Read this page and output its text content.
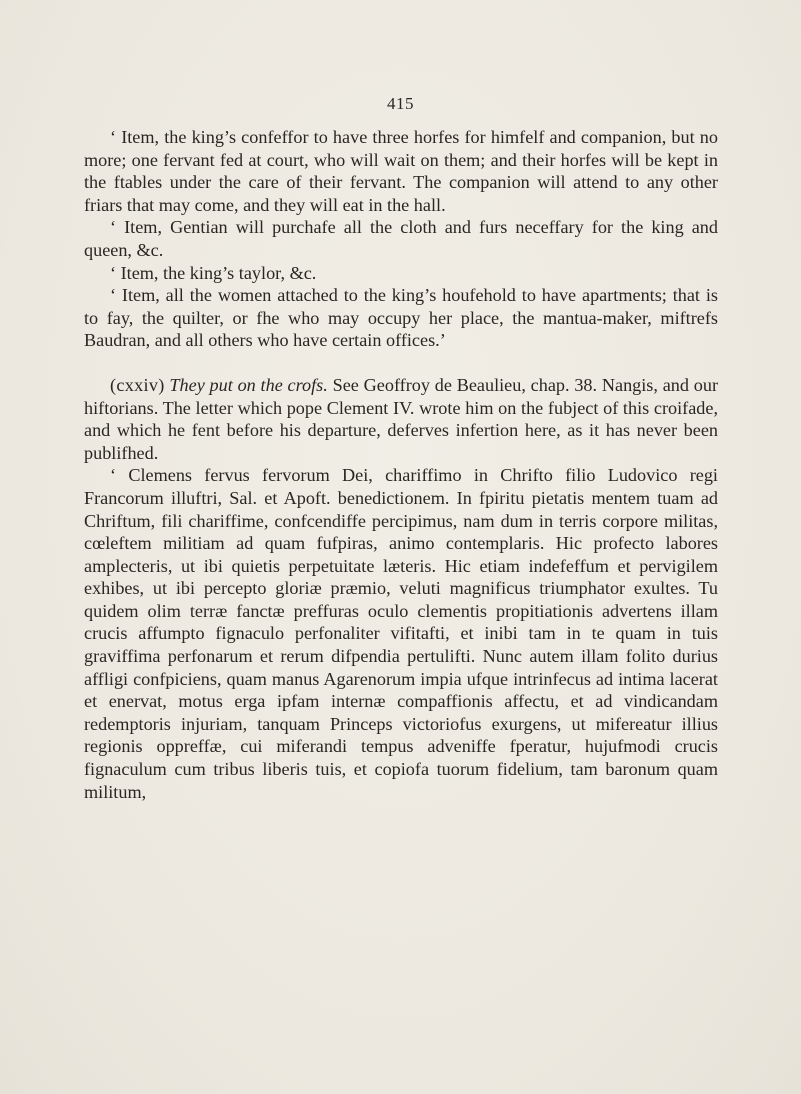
415

‘ Item, the king’s confeffor to have three horfes for himfelf and companion, but no more; one fervant fed at court, who will wait on them; and their horfes will be kept in the ftables under the care of their fervant. The companion will attend to any other friars that may come, and they will eat in the hall.

‘ Item, Gentian will purchafe all the cloth and furs neceffary for the king and queen, &c.

‘ Item, the king’s taylor, &c.

‘ Item, all the women attached to the king’s houfehold to have apartments; that is to fay, the quilter, or fhe who may occupy her place, the mantua-maker, miftrefs Baudran, and all others who have certain offices.’

(cxxiv) They put on the crofs. See Geoffroy de Beaulieu, chap. 38. Nangis, and our hiftorians. The letter which pope Clement IV. wrote him on the fubject of this croifade, and which he fent before his departure, deferves infertion here, as it has never been publifhed.

‘ Clemens fervus fervorum Dei, chariffimo in Chrifto filio Ludovico regi Francorum illuftri, Sal. et Apoft. benedictionem. In fpiritu pietatis mentem tuam ad Chriftum, fili chariffime, confcendiffe percipimus, nam dum in terris corpore militas, cœleftem militiam ad quam fufpiras, animo contemplaris. Hic profecto labores amplecteris, ut ibi quietis perpetuitate læteris. Hic etiam indefeffum et pervigilem exhibes, ut ibi percepto gloriæ præmio, veluti magnificus triumphator exultes. Tu quidem olim terræ fanctæ preffuras oculo clementis propitiationis advertens illam crucis affumpto fignaculo perfonaliter vifitafti, et inibi tam in te quam in tuis graviffima perfonarum et rerum difpendia pertulifti. Nunc autem illam folito durius affligi confpiciens, quam manus Agarenorum impia ufque intrinfecus ad intima lacerat et enervat, motus erga ipfam internæ compaffionis affectu, et ad vindicandam redemptoris injuriam, tanquam Princeps victoriofus exurgens, ut mifereatur illius regionis oppreffæ, cui miferandi tempus adveniffe fperatur, hujufmodi crucis fignaculum cum tribus liberis tuis, et copiofa tuorum fidelium, tam baronum quam militum,
